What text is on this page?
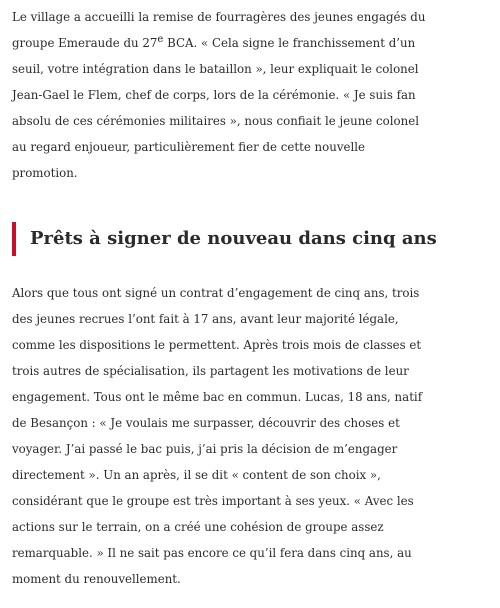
Le village a accueilli la remise de fourragères des jeunes engagés du
groupe Emeraude du 27e BCA. « Cela signe le franchissement d’un
seuil, votre intégration dans le bataillon », leur expliquait le colonel
Jean-Gael le Flem, chef de corps, lors de la cérémonie. « Je suis fan
absolu de ces cérémonies militaires », nous confiait le jeune colonel
au regard enjoueur, particulièrement fier de cette nouvelle
promotion.

Prêts à signer de nouveau dans cinq ans

Alors que tous ont signé un contrat d’engagement de cinq ans, trois
des jeunes recrues l’ont fait à 17 ans, avant leur majorité légale,
comme les dispositions le permettent. Après trois mois de classes et
trois autres de spécialisation, ils partagent les motivations de leur
engagement. Tous ont le même bac en commun. Lucas, 18 ans, natif
de Besançon : « Je voulais me surpasser, découvrir des choses et
voyager. J’ai passé le bac puis, j’ai pris la décision de m’engager
directement ». Un an après, il se dit « content de son choix »,
considérant que le groupe est très important à ses yeux. « Avec les
actions sur le terrain, on a créé une cohésion de groupe assez
remarquable. » Il ne sait pas encore ce qu’il fera dans cinq ans, au
moment du renouvellement.
